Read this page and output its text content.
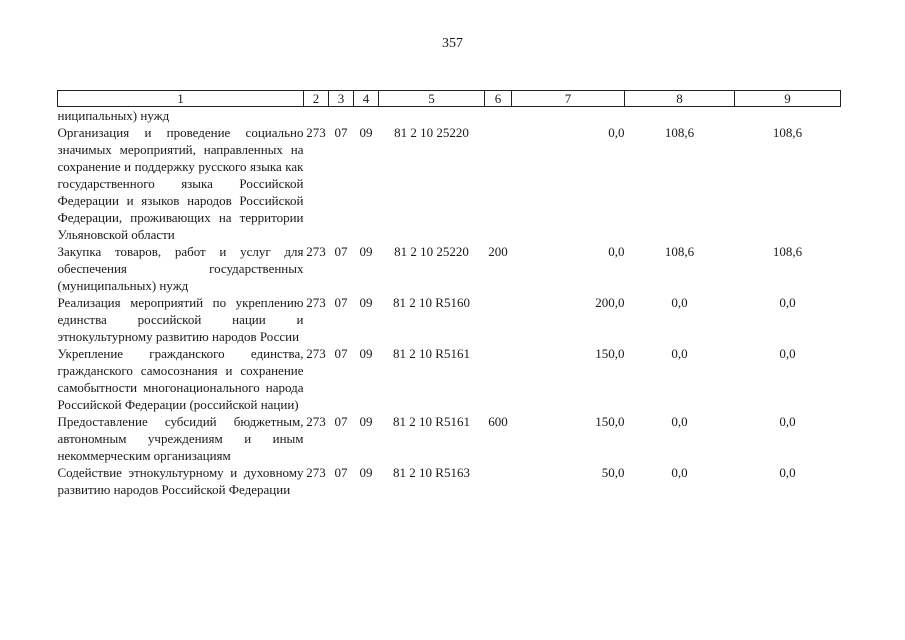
357
1	2	3	4	5	6	7	8	9
ниципальных) нужд								
Организация и проведение социально значимых мероприятий, направленных на сохранение и поддержку русского языка как государственного языка Российской Федерации и языков народов Российской Федерации, проживающих на территории Ульяновской области	273	07	09	81 2 10 25220		0,0	108,6	108,6
Закупка товаров, работ и услуг для обеспечения государственных (муниципальных) нужд	273	07	09	81 2 10 25220	200	0,0	108,6	108,6
Реализация мероприятий по укреплению единства российской нации и этнокультурному развитию народов России	273	07	09	81 2 10 R5160		200,0	0,0	0,0
Укрепление гражданского единства, гражданского самосознания и сохранение самобытности многонационального народа Российской Федерации (российской нации)	273	07	09	81 2 10 R5161		150,0	0,0	0,0
Предоставление субсидий бюджетным, автономным учреждениям и иным некоммерческим организациям	273	07	09	81 2 10 R5161	600	150,0	0,0	0,0
Содействие этнокультурному и духовному развитию народов Российской Федерации	273	07	09	81 2 10 R5163		50,0	0,0	0,0
